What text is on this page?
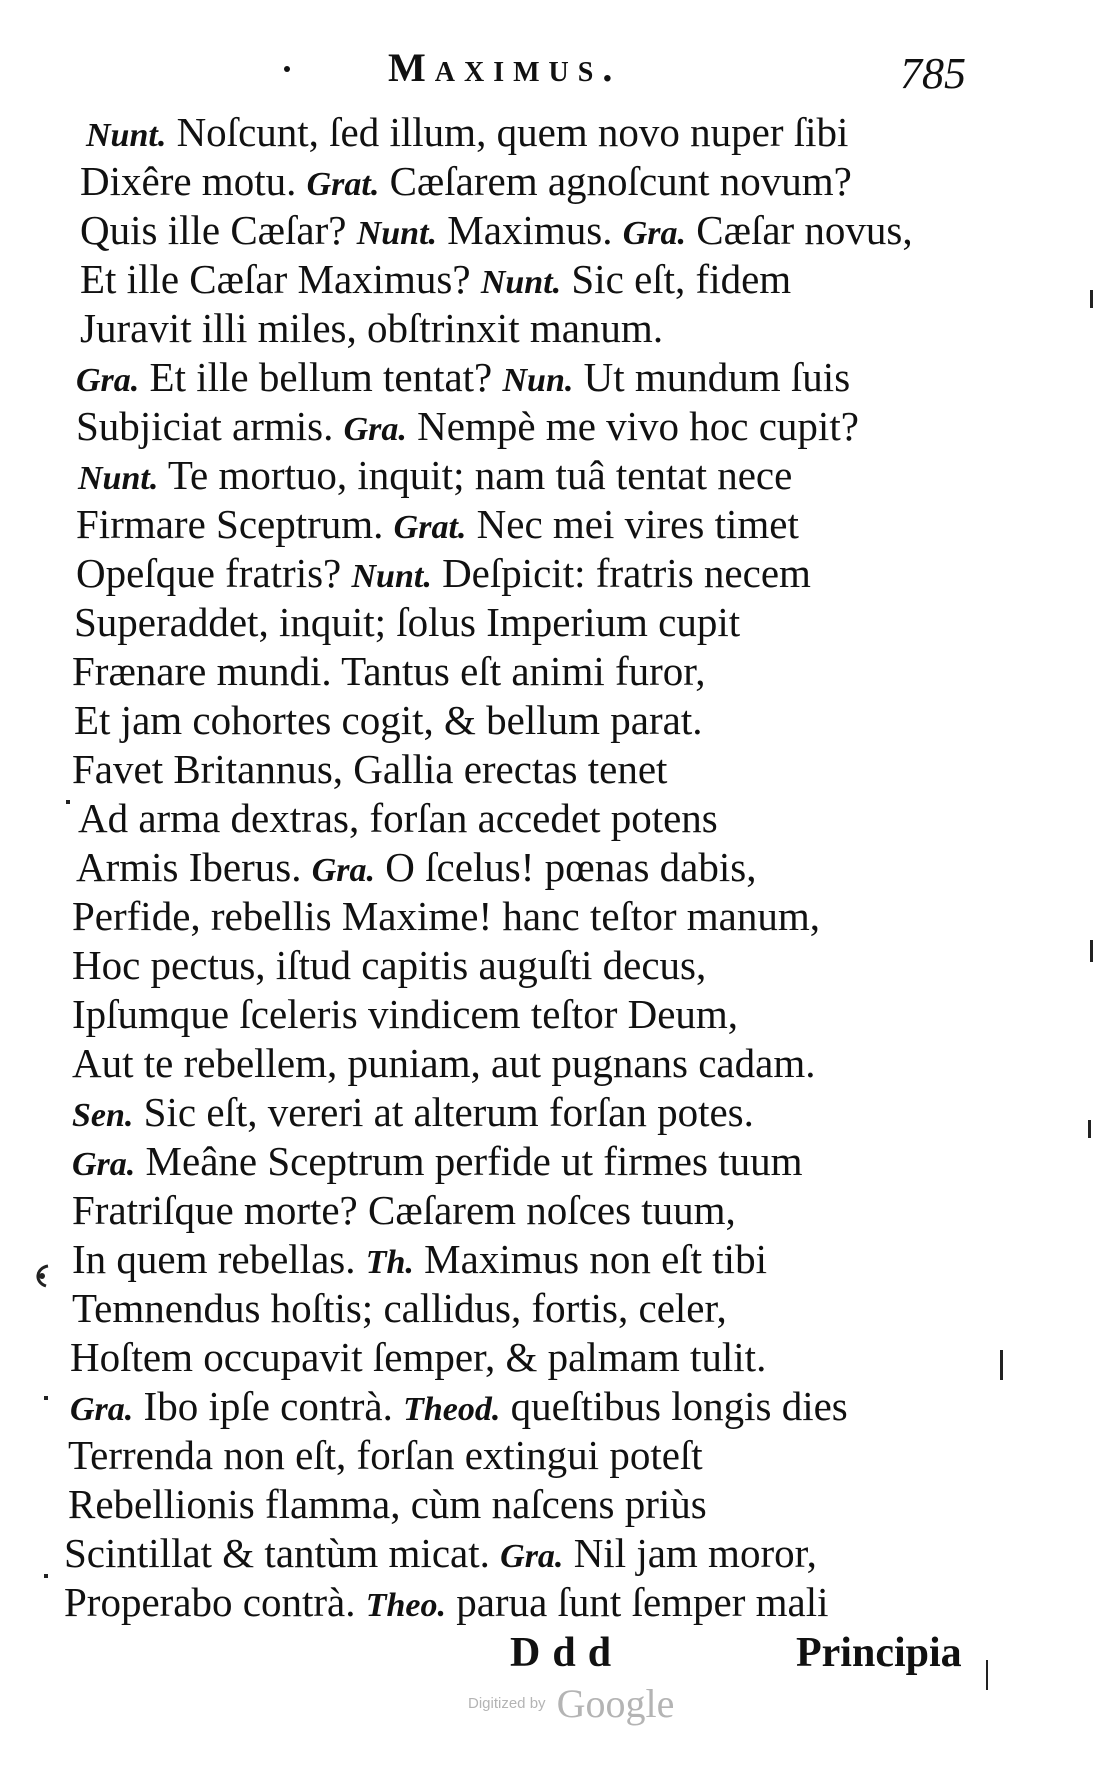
Maximus.	785
Nunt. Noſcunt, ſed illum, quem novo nuper ſibi
Dixêre motu. Grat. Cæſarem agnoſcunt novum?
Quis ille Cæſar? Nunt. Maximus. Gra. Cæſar novus,
Et ille Cæſar Maximus? Nunt. Sic eſt, fidem
Juravit illi miles, obſtrinxit manum.
Gra. Et ille bellum tentat? Nun. Ut mundum ſuis
Subjiciat armis. Gra. Nempè me vivo hoc cupit?
Nunt. Te mortuo, inquit; nam tuâ tentat nece
Firmare Sceptrum. Grat. Nec mei vires timet
Opeſque fratris? Nunt. Deſpicit: fratris necem
Superaddet, inquit; ſolus Imperium cupit
Frænare mundi. Tantus eſt animi furor,
Et jam cohortes cogit, & bellum parat.
Favet Britannus, Gallia erectas tenet
Ad arma dextras, forſan accedet potens
Armis Iberus. Gra. O ſcelus! pœnas dabis,
Perfide, rebellis Maxime! hanc teſtor manum,
Hoc pectus, iſtud capitis auguſti decus,
Ipſumque ſceleris vindicem teſtor Deum,
Aut te rebellem, puniam, aut pugnans cadam.
Sen. Sic eſt, vereri at alterum forſan potes.
Gra. Meâne Sceptrum perfide ut firmes tuum
Fratriſque morte? Cæſarem noſces tuum,
In quem rebellas. Th. Maximus non eſt tibi
Temnendus hoſtis; callidus, fortis, celer,
Hoſtem occupavit ſemper, & palmam tulit.
Gra. Ibo ipſe contrà. Theod. queſtibus longis dies
Terrenda non eſt, forſan extingui poteſt
Rebellionis flamma, cùm naſcens priùs
Scintillat & tantùm micat. Gra. Nil jam moror,
Properabo contrà. Theo. parua ſunt ſemper mali
Ddd	Principia
Digitized by Google
